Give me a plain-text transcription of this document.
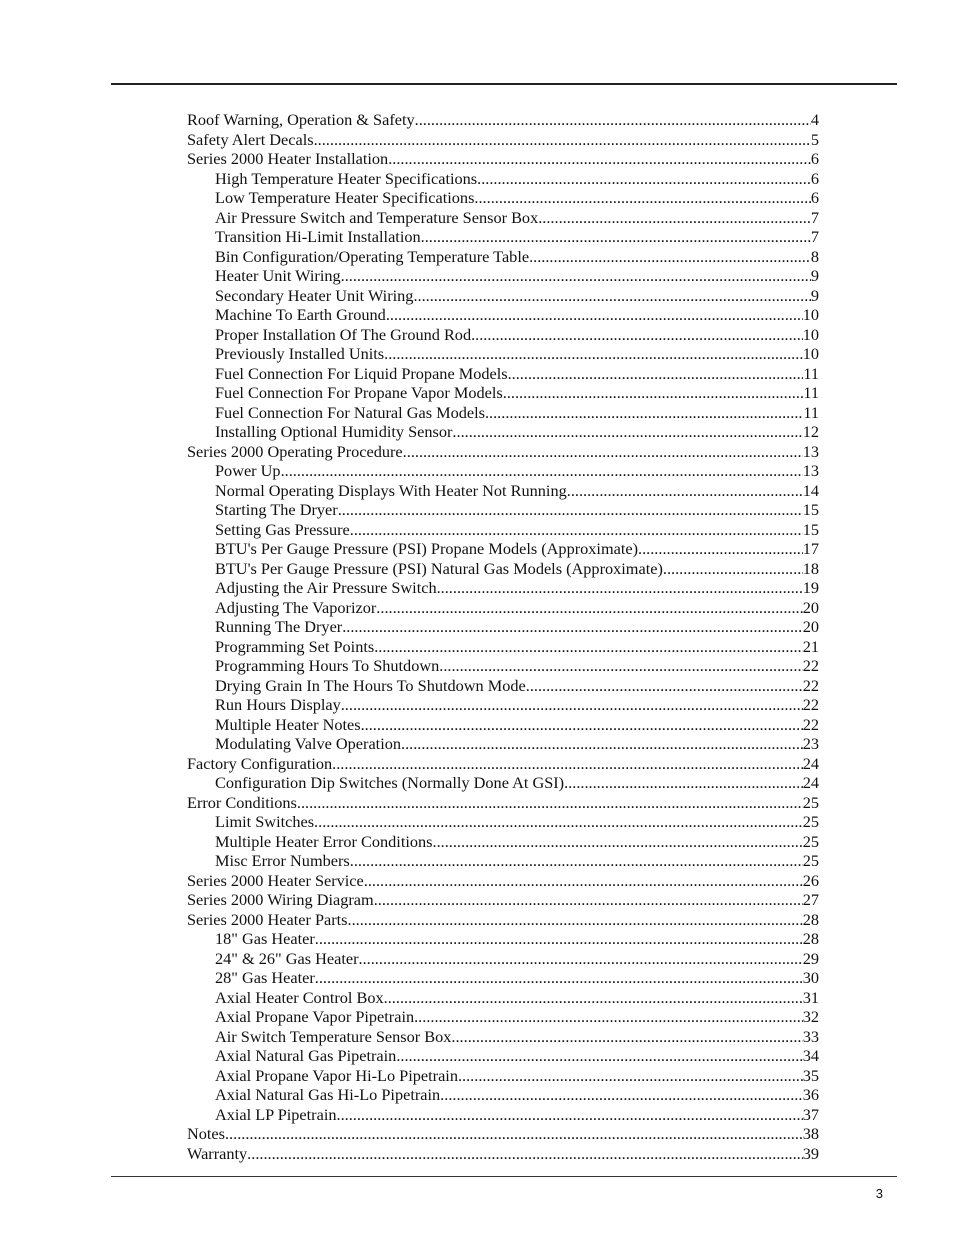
Roof Warning, Operation & Safety .....	4
Safety Alert Decals .....	5
Series 2000 Heater Installation .....	6
High Temperature Heater Specifications .....	6
Low Temperature Heater Specifications .....	6
Air Pressure Switch and Temperature Sensor Box .....	7
Transition Hi-Limit Installation .....	7
Bin Configuration/Operating Temperature Table .....	8
Heater Unit Wiring .....	9
Secondary Heater Unit Wiring .....	9
Machine To Earth Ground .....	10
Proper Installation Of The Ground Rod .....	10
Previously Installed Units .....	10
Fuel Connection For Liquid Propane Models .....	11
Fuel Connection For Propane Vapor Models .....	11
Fuel Connection For Natural Gas Models .....	11
Installing Optional Humidity Sensor .....	12
Series 2000 Operating Procedure .....	13
Power Up .....	13
Normal Operating Displays With Heater Not Running .....	14
Starting The Dryer .....	15
Setting Gas Pressure .....	15
BTU's Per Gauge Pressure (PSI) Propane Models (Approximate) .....	17
BTU's Per Gauge Pressure (PSI) Natural Gas Models (Approximate) .....	18
Adjusting the Air Pressure Switch .....	19
Adjusting The Vaporizor .....	20
Running The Dryer .....	20
Programming Set Points .....	21
Programming Hours To Shutdown .....	22
Drying Grain In The Hours To Shutdown Mode .....	22
Run Hours Display .....	22
Multiple Heater Notes .....	22
Modulating Valve Operation .....	23
Factory Configuration .....	24
Configuration Dip Switches (Normally Done At GSI) .....	24
Error Conditions .....	25
Limit Switches .....	25
Multiple Heater Error Conditions .....	25
Misc Error Numbers .....	25
Series 2000 Heater Service .....	26
Series 2000 Wiring Diagram .....	27
Series 2000 Heater Parts .....	28
18" Gas Heater .....	28
24" & 26" Gas Heater .....	29
28" Gas Heater .....	30
Axial Heater Control Box .....	31
Axial Propane Vapor Pipetrain .....	32
Air Switch Temperature Sensor Box .....	33
Axial Natural Gas Pipetrain .....	34
Axial Propane Vapor Hi-Lo Pipetrain .....	35
Axial Natural Gas Hi-Lo Pipetrain .....	36
Axial LP Pipetrain .....	37
Notes .....	38
Warranty .....	39
3
